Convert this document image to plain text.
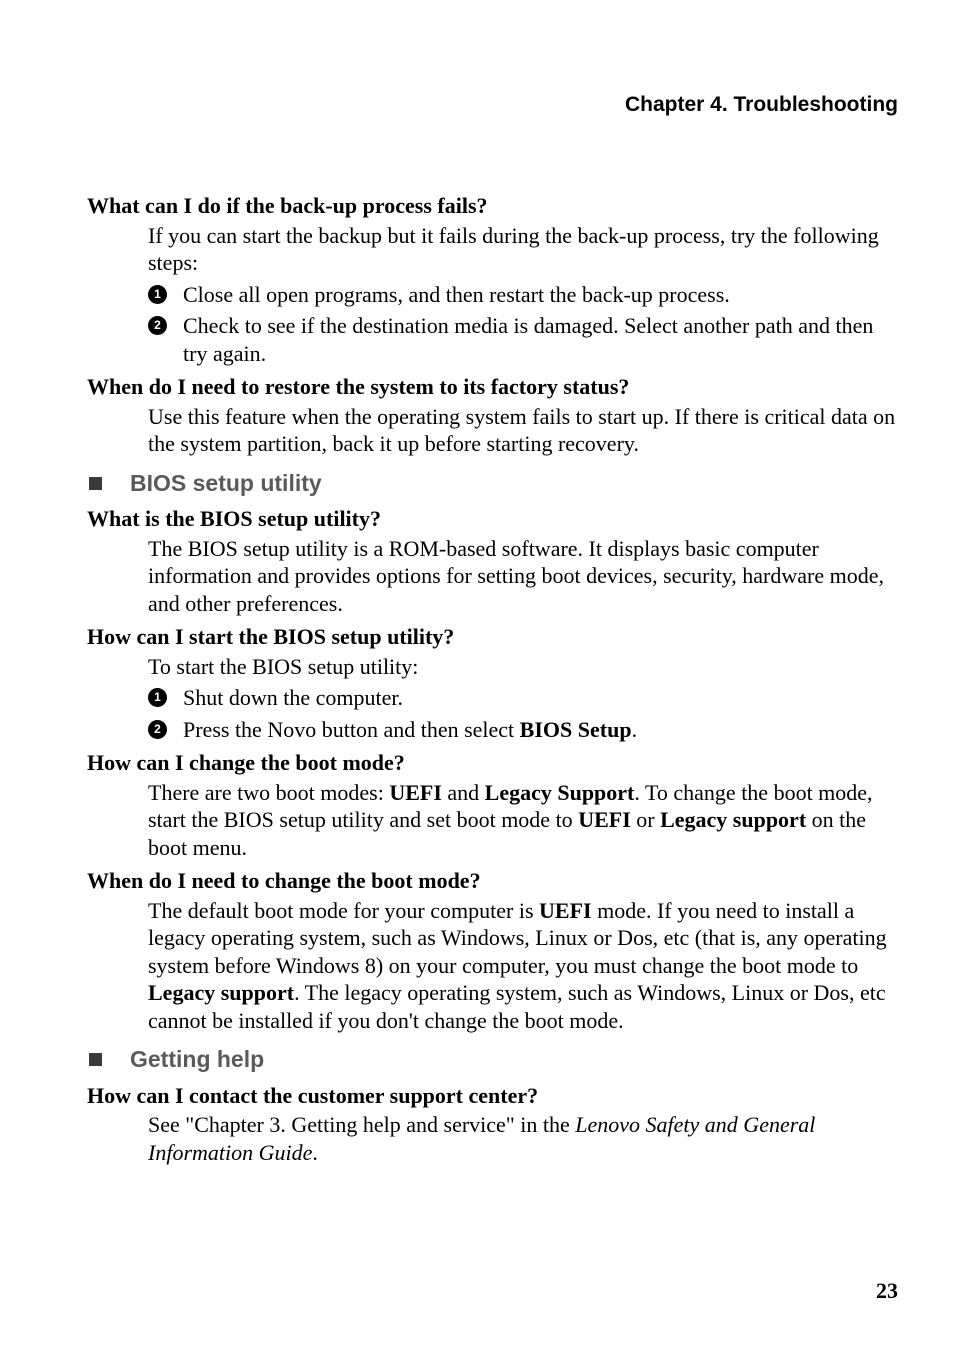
Chapter 4. Troubleshooting

What can I do if the back-up process fails?

If you can start the backup but it fails during the back-up process, try the following steps:

1 Close all open programs, and then restart the back-up process.
2 Check to see if the destination media is damaged. Select another path and then try again.

When do I need to restore the system to its factory status?

Use this feature when the operating system fails to start up. If there is critical data on the system partition, back it up before starting recovery.

BIOS setup utility

What is the BIOS setup utility?

The BIOS setup utility is a ROM-based software. It displays basic computer information and provides options for setting boot devices, security, hardware mode, and other preferences.

How can I start the BIOS setup utility?

To start the BIOS setup utility:

1 Shut down the computer.
2 Press the Novo button and then select BIOS Setup.

How can I change the boot mode?

There are two boot modes: UEFI and Legacy Support. To change the boot mode, start the BIOS setup utility and set boot mode to UEFI or Legacy support on the boot menu.

When do I need to change the boot mode?

The default boot mode for your computer is UEFI mode. If you need to install a legacy operating system, such as Windows, Linux or Dos, etc (that is, any operating system before Windows 8) on your computer, you must change the boot mode to Legacy support. The legacy operating system, such as Windows, Linux or Dos, etc cannot be installed if you don't change the boot mode.

Getting help

How can I contact the customer support center?

See "Chapter 3. Getting help and service" in the Lenovo Safety and General Information Guide.

23
